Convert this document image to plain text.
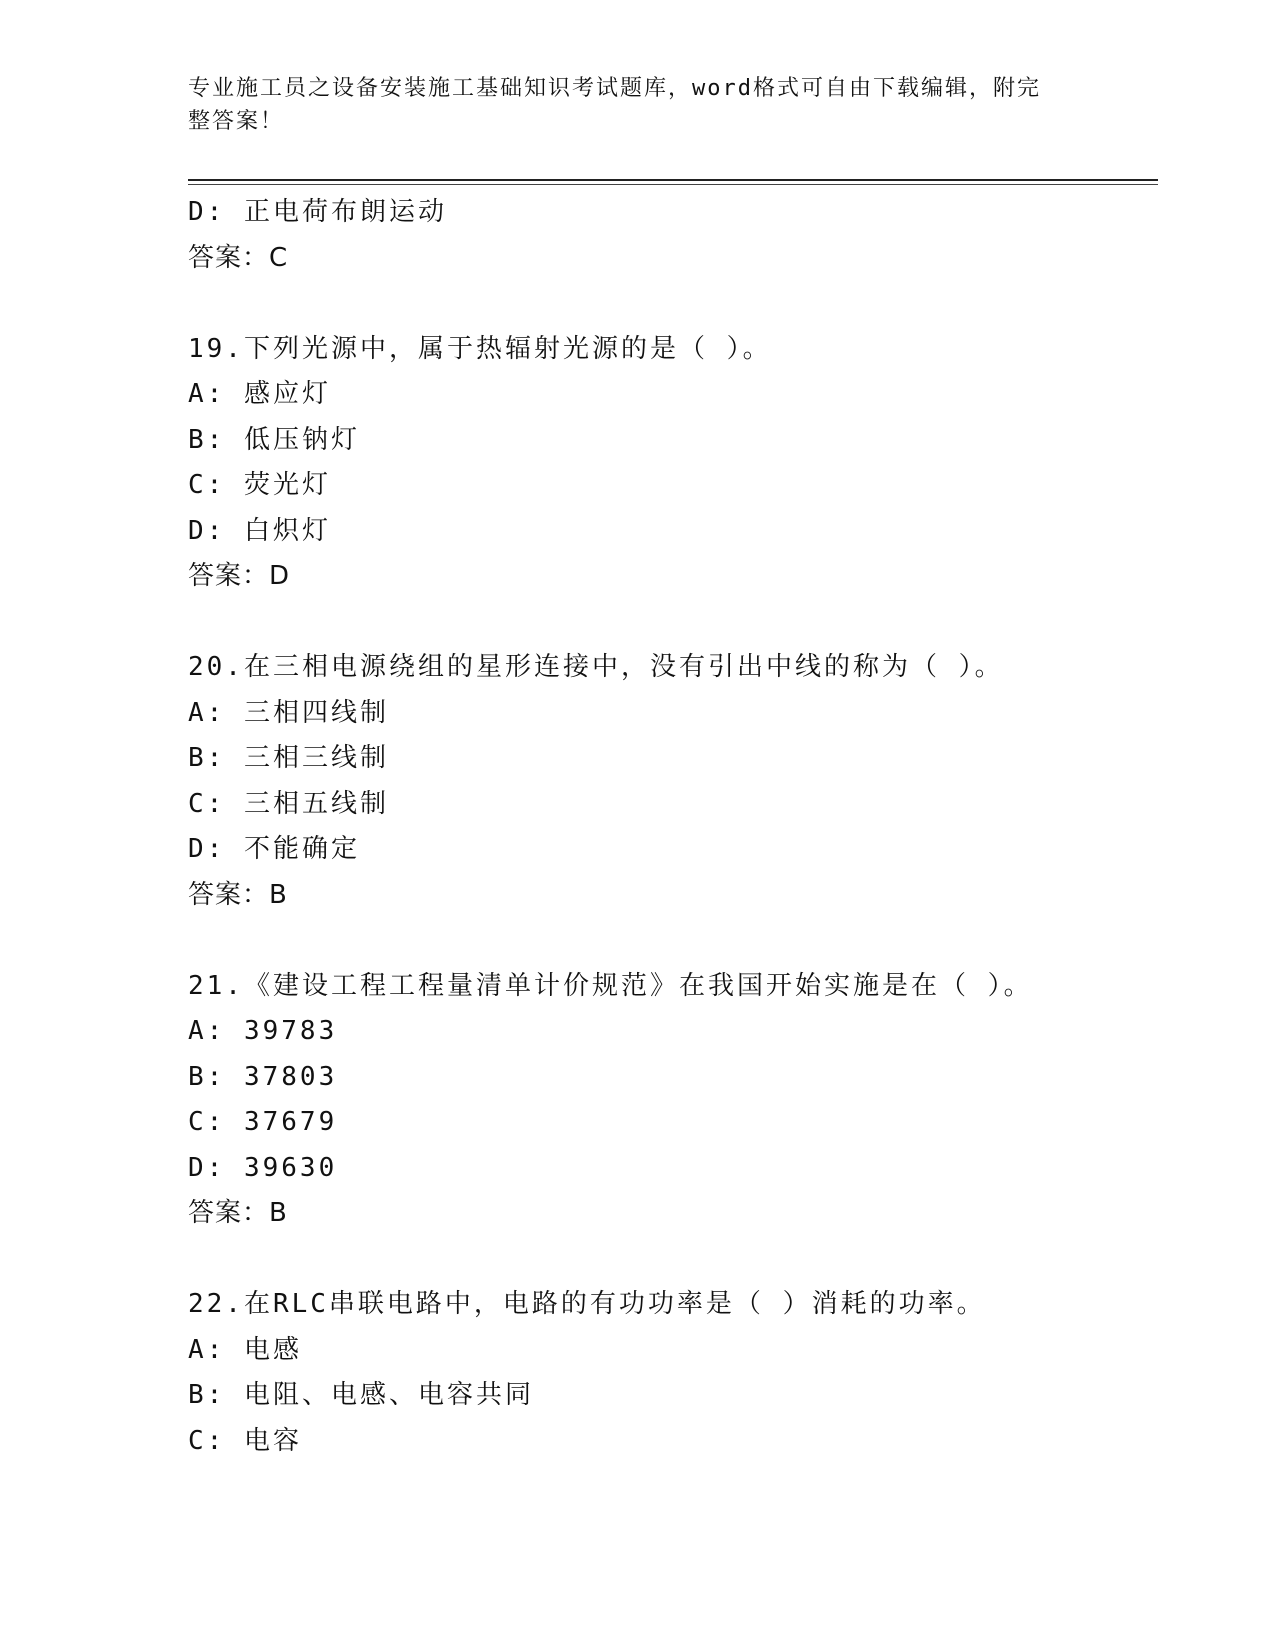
专业施工员之设备安装施工基础知识考试题库，word格式可自由下载编辑，附完
整答案！
D: 正电荷布朗运动
答案：C
19.下列光源中，属于热辐射光源的是（ ）。
A: 感应灯
B: 低压钠灯
C: 荧光灯
D: 白炽灯
答案：D
20.在三相电源绕组的星形连接中，没有引出中线的称为（ ）。
A: 三相四线制
B: 三相三线制
C: 三相五线制
D: 不能确定
答案：B
21.《建设工程工程量清单计价规范》在我国开始实施是在（ ）。
A: 39783
B: 37803
C: 37679
D: 39630
答案：B
22.在RLC串联电路中，电路的有功功率是（ ）消耗的功率。
A: 电感
B: 电阻、电感、电容共同
C: 电容
